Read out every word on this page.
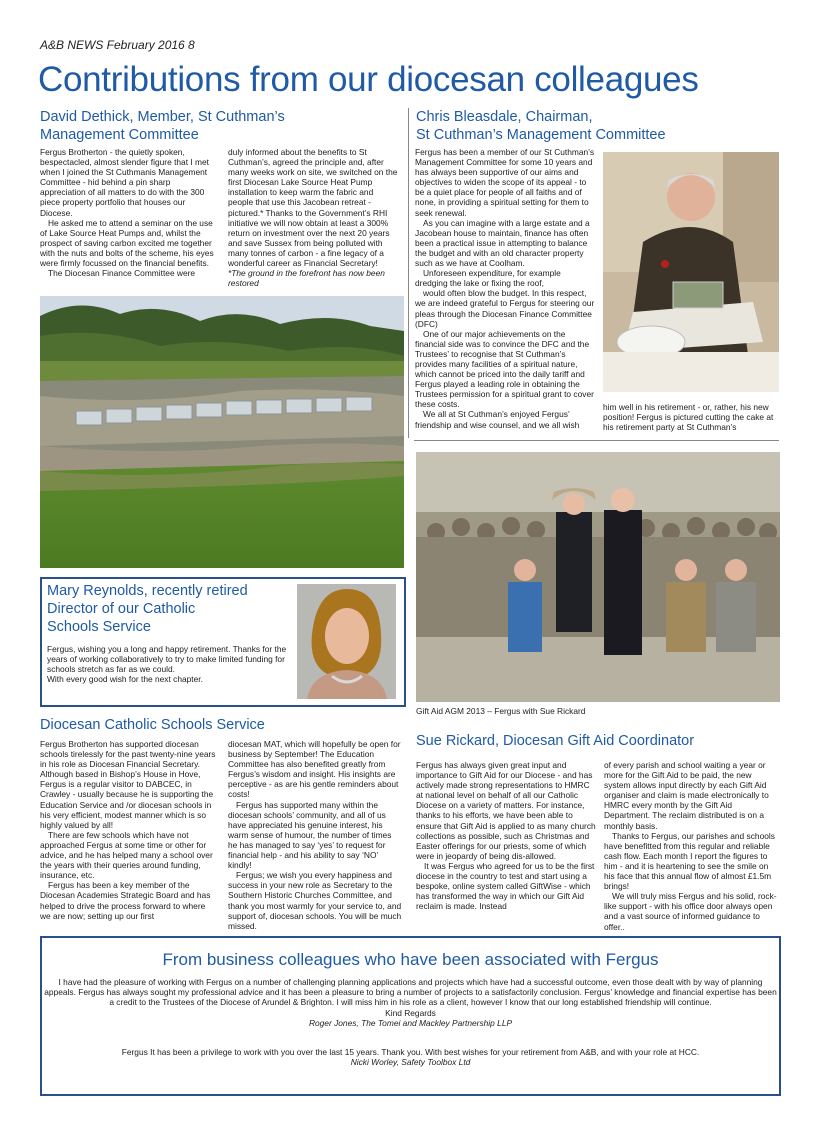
A&B NEWS February 2016 8
Contributions from our diocesan colleagues
David Dethick, Member, St Cuthman’s
Management Committee

Fergus Brotherton - the quietly spoken, bespectacled, almost slender figure that I met when I joined the St Cuthmanis Management Committee - hid behind a pin sharp appreciation of all matters to do with the 300 piece property portfolio that houses our Diocese.

He asked me to attend a seminar on the use of Lake Source Heat Pumps and, whilst the prospect of saving carbon excited me together with the nuts and bolts of the scheme, his eyes were firmly focussed on the financial benefits.

The Diocesan Finance Committee were

duly informed about the benefits to St Cuthman’s, agreed the principle and, after many weeks work on site, we switched on the first Diocesan Lake Source Heat Pump installation to keep warm the fabric and people that use this Jacobean retreat - pictured.* Thanks to the Government’s RHI initiative we will now obtain at least a 300% return on investment over the next 20 years and save Sussex from being polluted with many tonnes of carbon - a fine legacy of a wonderful career as Financial Secretary!

*The ground in the forefront has now been restored

Chris Bleasdale, Chairman,
St Cuthman’s Management Committee

Fergus has been a member of our St Cuthman’s Management Committee for some 10 years and has always been supportive of our aims and objectives to widen the scope of its appeal - to be a quiet place for people of all faiths and of none, in providing a spiritual setting for them to seek renewal.

As you can imagine with a large estate and a Jacobean house to maintain, finance has often been a practical issue in attempting to balance the budget and with an old character property such as we have at Coolham.

Unforeseen expenditure, for example dredging the lake or fixing the roof,

would often blow the budget. In this respect, we are indeed grateful to Fergus for steering our pleas through the Diocesan Finance Committee (DFC)

One of our major achievements on the financial side was to convince the DFC and the Trustees’ to recognise that St Cuthman’s provides many facilities of a spiritual nature, which cannot be priced into the daily tariff and Fergus played a leading role in obtaining the Trustees permission for a spiritual grant to cover these costs.

We all at St Cuthman’s enjoyed Fergus’ friendship and wise counsel, and we all wish

him well in his retirement - or, rather, his new position! Fergus is pictured cutting the cake at his retirement party at St Cuthman’s
Mary Reynolds, recently retired
Director of our Catholic
Schools Service

Fergus, wishing you a long and happy retirement. Thanks for the years of working collaboratively to try to make limited funding for schools stretch as far as we could.

With every good wish for the next chapter.

Diocesan Catholic Schools Service

Fergus Brotherton has supported diocesan schools tirelessly for the past twenty-nine years in his role as Diocesan Financial Secretary. Although based in Bishop’s House in Hove, Fergus is a regular visitor to DABCEC, in Crawley - usually because he is supporting the Education Service and /or diocesan schools in his very efficient, modest manner which is so highly valued by all!

There are few schools which have not approached Fergus at some time or other for advice, and he has helped many a school over the years with their queries around funding, insurance, etc.

Fergus has been a key member of the Diocesan Academies Strategic Board and has helped to drive the process forward to where we are now; setting up our first

diocesan MAT, which will hopefully be open for business by September! The Education Committee has also benefited greatly from Fergus’s wisdom and insight. His insights are perceptive - as are his gentle reminders about costs!

Fergus has supported many within the diocesan schools’ community, and all of us have appreciated his genuine interest, his warm sense of humour, the number of times he has managed to say ‘yes’ to request for financial help - and his ability to say ‘NO’ kindly!

Fergus; we wish you every happiness and success in your new role as Secretary to the Southern Historic Churches Committee, and thank you most warmly for your service to, and support of, diocesan schools. You will be much missed.

Gift Aid AGM 2013 – Fergus with Sue Rickard
Sue Rickard, Diocesan Gift Aid Coordinator

Fergus has always given great input and importance to Gift Aid for our Diocese - and has actively made strong representations to HMRC at national level on behalf of all our Catholic Diocese on a variety of matters. For instance, thanks to his efforts, we have been able to ensure that Gift Aid is applied to as many church collections as possible, such as Christmas and Easter offerings for our priests, some of which were in jeopardy of being dis-allowed.

It was Fergus who agreed for us to be the first diocese in the country to test and start using a bespoke, online system called GiftWise - which has transformed the way in which our Gift Aid reclaim is made. Instead

of every parish and school waiting a year or more for the Gift Aid to be paid, the new system allows input directly by each Gift Aid organiser and claim is made electronically to HMRC every month by the Gift Aid Department. The reclaim distributed is on a monthly basis.

Thanks to Fergus, our parishes and schools have benefitted from this regular and reliable cash flow. Each month I report the figures to him - and it is heartening to see the smile on his face that this annual flow of almost £1.5m brings!

We will truly miss Fergus and his solid, rock-like support - with his office door always open and a vast source of informed guidance to offer..

From business colleagues who have been associated with Fergus
I have had the pleasure of working with Fergus on a number of challenging planning applications and projects which have had a successful outcome, even those dealt with by way of planning appeals. Fergus has always sought my professional advice and it has been a pleasure to bring a number of projects to a satisfactorily conclusion. Fergus’ knowledge and financial expertise has been a credit to the Trustees of the Diocese of Arundel & Brighton. I will miss him in his role as a client, however I know that our long established friendship will continue.
Kind Regards
Roger Jones, The Tomei and Mackley Partnership LLP
Fergus It has been a privilege to work with you over the last 15 years. Thank you. With best wishes for your retirement from A&B, and with your role at HCC.
Nicki Worley, Safety Toolbox Ltd
